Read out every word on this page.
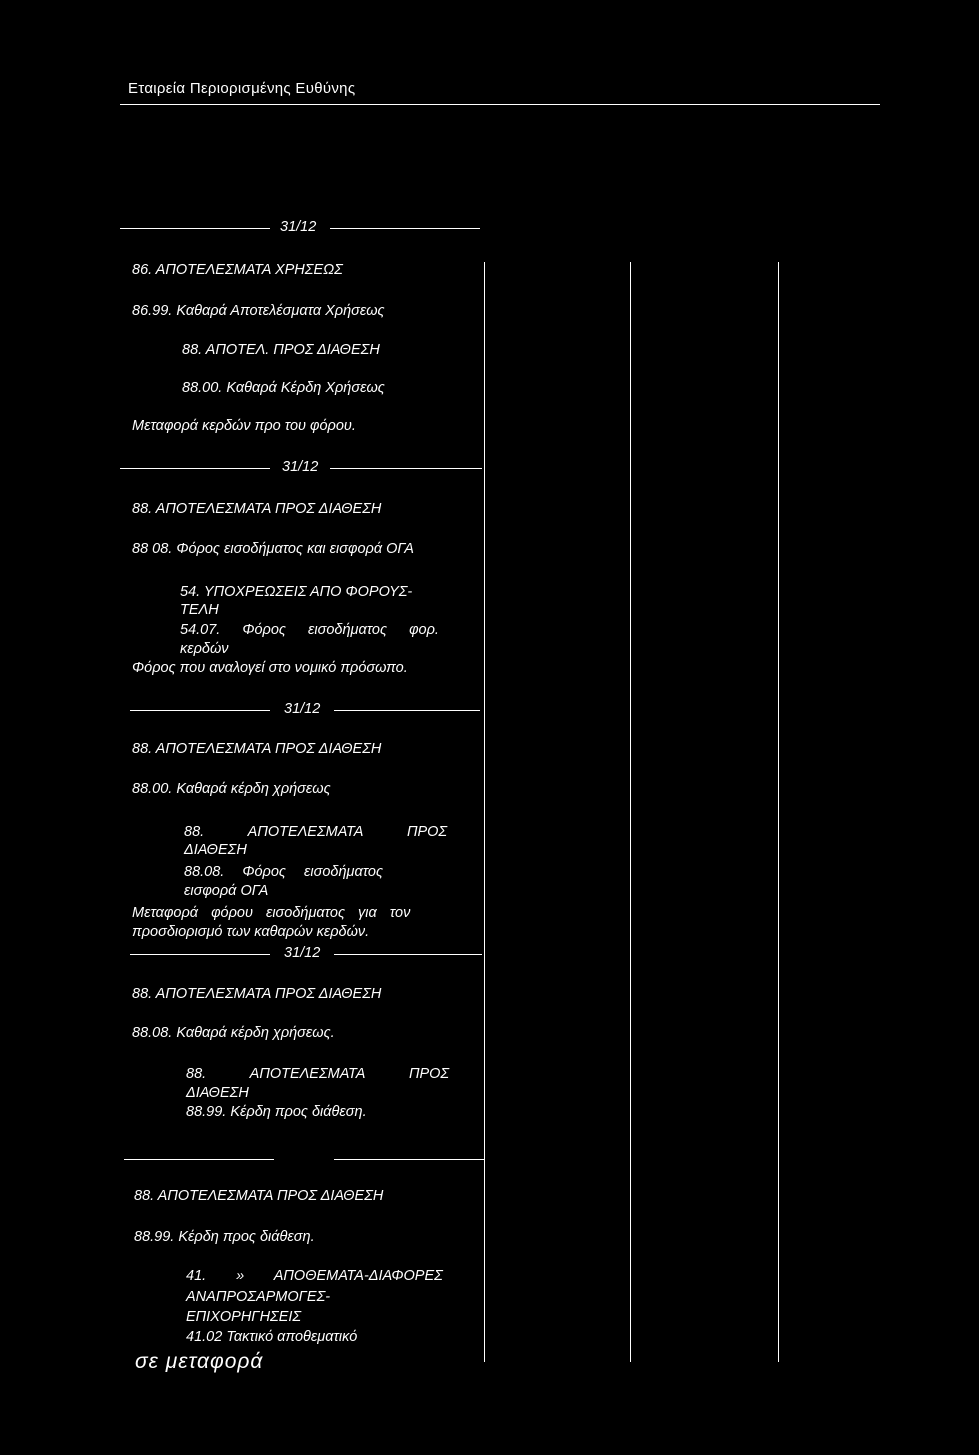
Εταιρεία Περιορισμένης Ευθύνης
31/12
86. ΑΠΟΤΕΛΕΣΜΑΤΑ ΧΡΗΣΕΩΣ
86.99. Καθαρά Αποτελέσματα Χρήσεως
88. ΑΠΟΤΕΛ. ΠΡΟΣ ΔΙΑΘΕΣΗ
88.00. Καθαρά Κέρδη Χρήσεως
Μεταφορά κερδών προ του φόρου.
31/12
88. ΑΠΟΤΕΛΕΣΜΑΤΑ ΠΡΟΣ ΔΙΑΘΕΣΗ
88 08. Φόρος εισοδήματος και εισφορά ΟΓΑ
54. ΥΠΟΧΡΕΩΣΕΙΣ ΑΠΟ ΦΟΡΟΥΣ-
ΤΕΛΗ
54.07. Φόρος εισοδήματος φορ.
κερδών
Φόρος που αναλογεί στο νομικό πρόσωπο.
31/12
88. ΑΠΟΤΕΛΕΣΜΑΤΑ ΠΡΟΣ ΔΙΑΘΕΣΗ
88.00. Καθαρά κέρδη χρήσεως
88. ΑΠΟΤΕΛΕΣΜΑΤΑ ΠΡΟΣ
ΔΙΑΘΕΣΗ
88.08. Φόρος εισοδήματος
εισφορά ΟΓΑ
Μεταφορά φόρου εισοδήματος για τον
προσδιορισμό των καθαρών κερδών.
31/12
88. ΑΠΟΤΕΛΕΣΜΑΤΑ ΠΡΟΣ ΔΙΑΘΕΣΗ
88.08. Καθαρά κέρδη χρήσεως.
88. ΑΠΟΤΕΛΕΣΜΑΤΑ ΠΡΟΣ
ΔΙΑΘΕΣΗ
88.99. Κέρδη προς διάθεση.
88. ΑΠΟΤΕΛΕΣΜΑΤΑ ΠΡΟΣ ΔΙΑΘΕΣΗ
88.99. Κέρδη προς διάθεση.
41. » ΑΠΟΘΕΜΑΤΑ-ΔΙΑΦΟΡΕΣ
ΑΝΑΠΡΟΣΑΡΜΟΓΕΣ-
ΕΠΙΧΟΡΗΓΗΣΕΙΣ
41.02 Τακτικό αποθεματικό
σε μεταφορά
